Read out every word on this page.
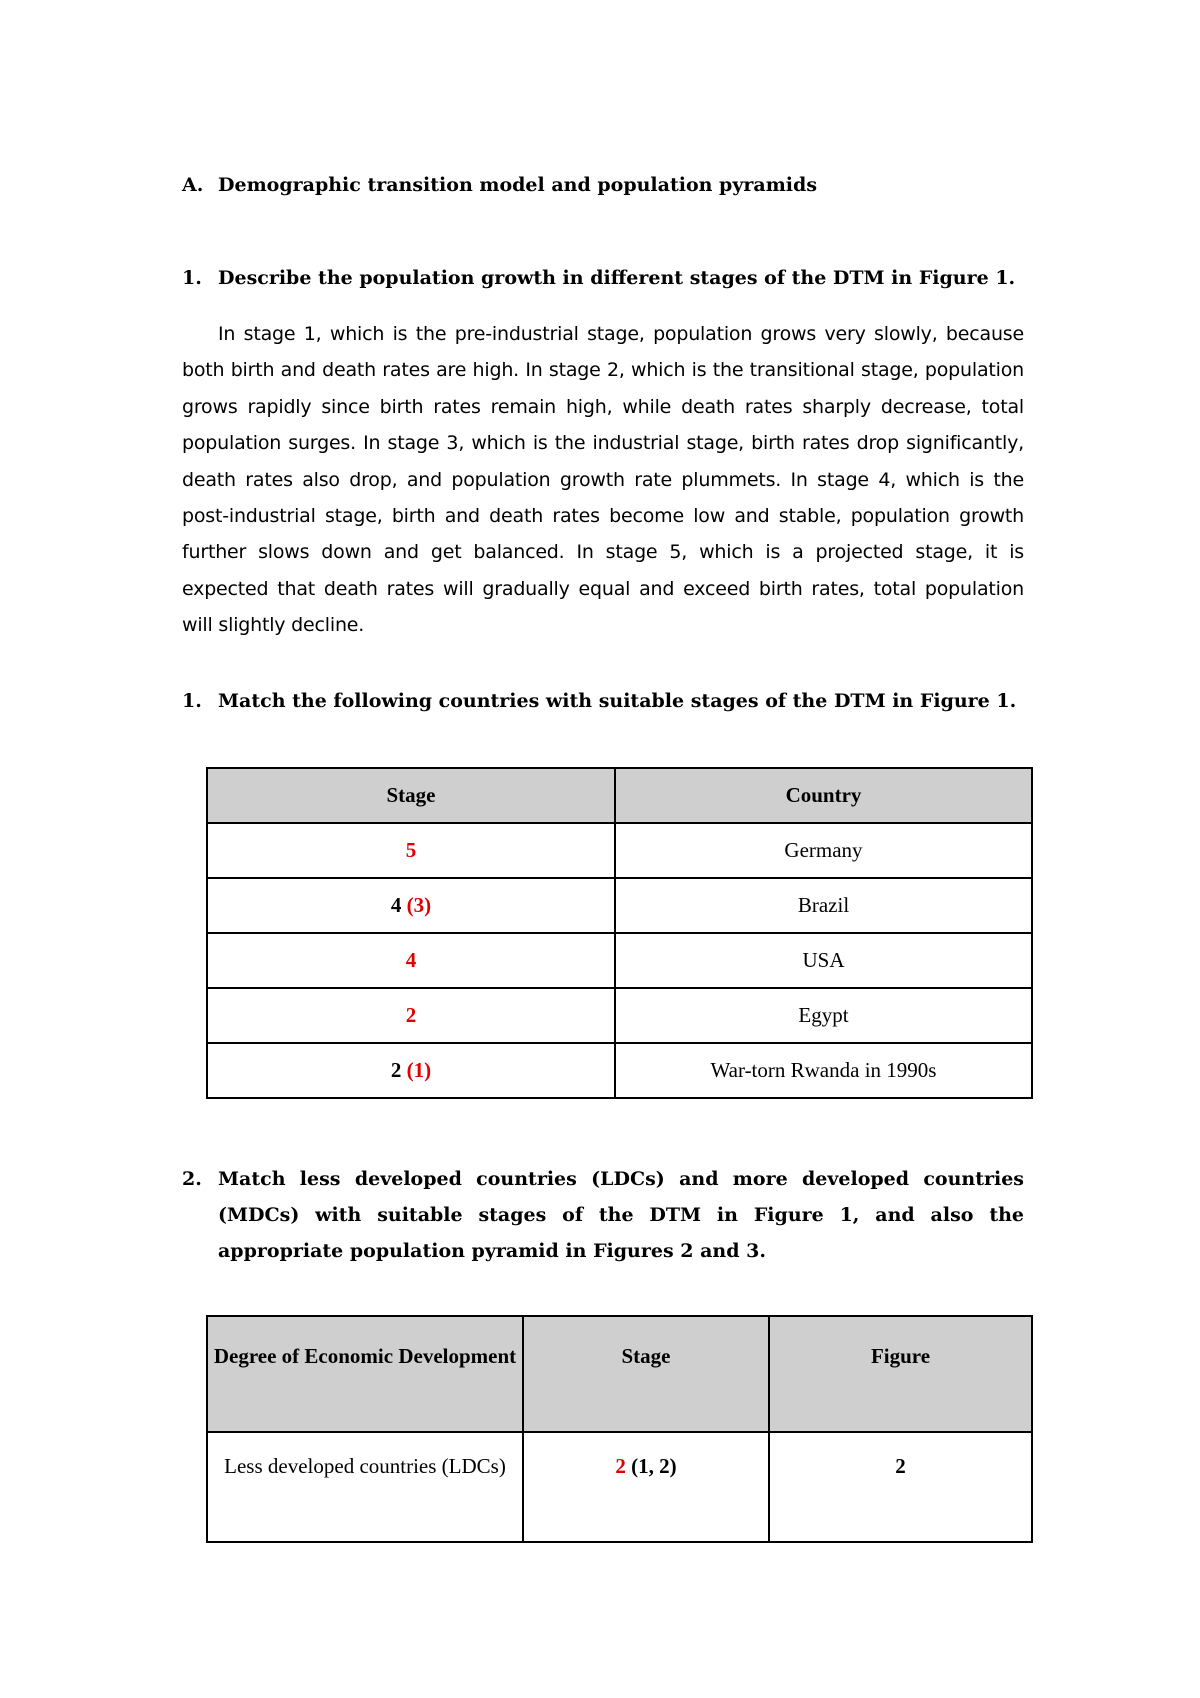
A. Demographic transition model and population pyramids
1. Describe the population growth in different stages of the DTM in Figure 1.
In stage 1, which is the pre-industrial stage, population grows very slowly, because both birth and death rates are high. In stage 2, which is the transitional stage, population grows rapidly since birth rates remain high, while death rates sharply decrease, total population surges. In stage 3, which is the industrial stage, birth rates drop significantly, death rates also drop, and population growth rate plummets. In stage 4, which is the post-industrial stage, birth and death rates become low and stable, population growth further slows down and get balanced. In stage 5, which is a projected stage, it is expected that death rates will gradually equal and exceed birth rates, total population will slightly decline.
1. Match the following countries with suitable stages of the DTM in Figure 1.
Stage	Country
5	Germany
4 (3)	Brazil
4	USA
2	Egypt
2 (1)	War-torn Rwanda in 1990s
2. Match less developed countries (LDCs) and more developed countries (MDCs) with suitable stages of the DTM in Figure 1, and also the appropriate population pyramid in Figures 2 and 3.
Degree of Economic Development	Stage	Figure
Less developed countries (LDCs)	2 (1, 2)	2
